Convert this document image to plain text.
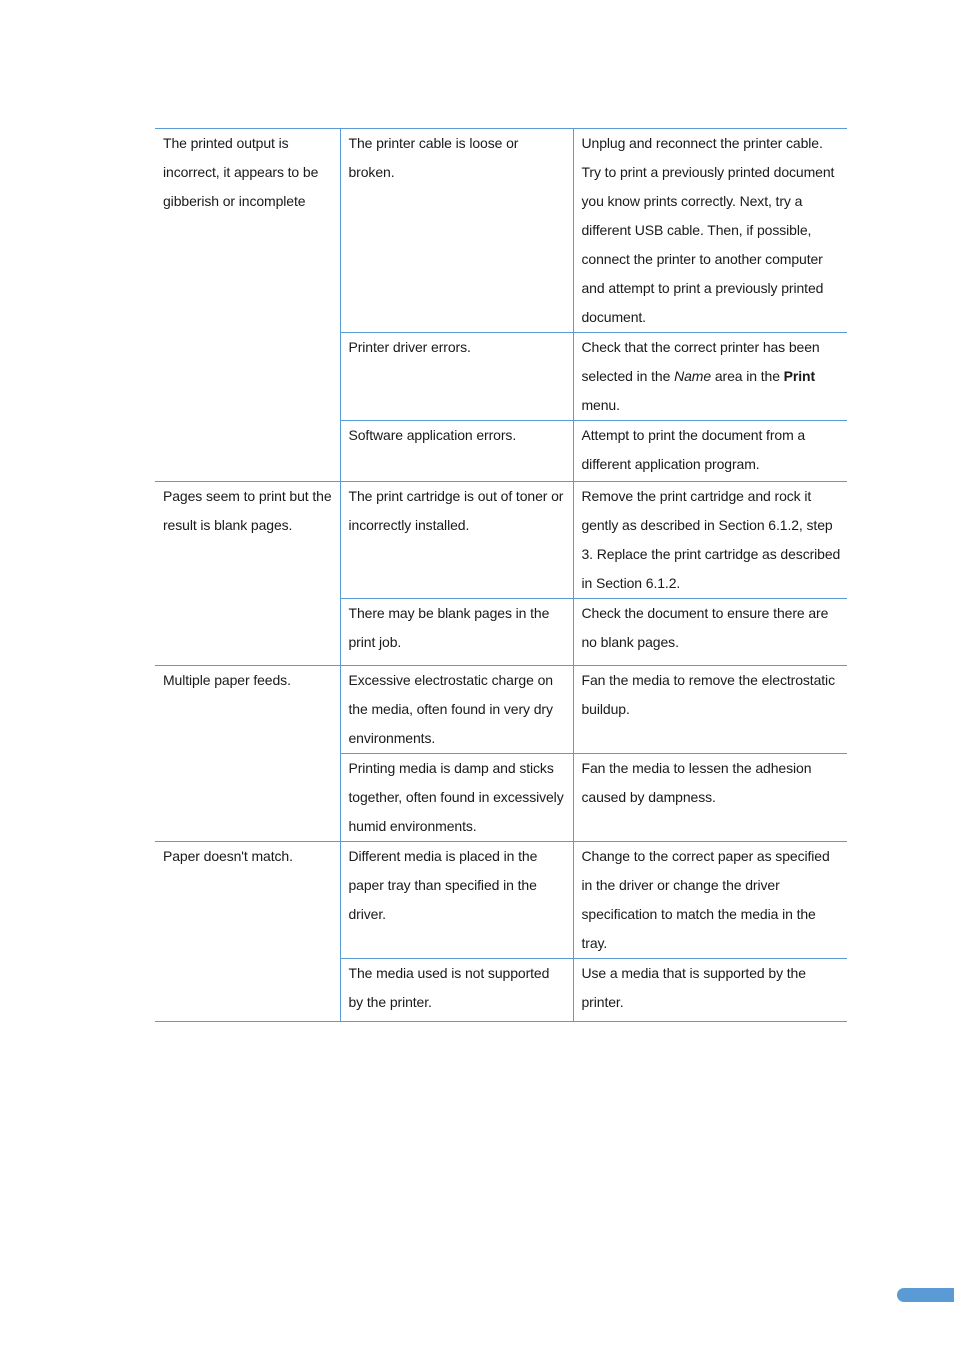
The printed output is incorrect, it appears to be gibberish or incomplete	The printer cable is loose or broken.	Unplug and reconnect the printer cable. Try to print a previously printed document you know prints correctly. Next, try a different USB cable. Then, if possible, connect the printer to another computer and attempt to print a previously printed document.
	Printer driver errors.	Check that the correct printer has been selected in the Name area in the Print menu.
	Software application errors.	Attempt to print the document from a different application program.
Pages seem to print but the result is blank pages.	The print cartridge is out of toner or incorrectly installed.	Remove the print cartridge and rock it gently as described in Section 6.1.2, step 3. Replace the print cartridge as described in Section 6.1.2.
	There may be blank pages in the print job.	Check the document to ensure there are no blank pages.
Multiple paper feeds.	Excessive electrostatic charge on the media, often found in very dry environments.	Fan the media to remove the electrostatic buildup.
	Printing media is damp and sticks together, often found in excessively humid environments.	Fan the media to lessen the adhesion caused by dampness.
Paper doesn't match.	Different media is placed in the paper tray than specified in the driver.	Change to the correct paper as specified in the driver or change the driver specification to match the media in the tray.
	The media used is not supported by the printer.	Use a media that is supported by the printer.
